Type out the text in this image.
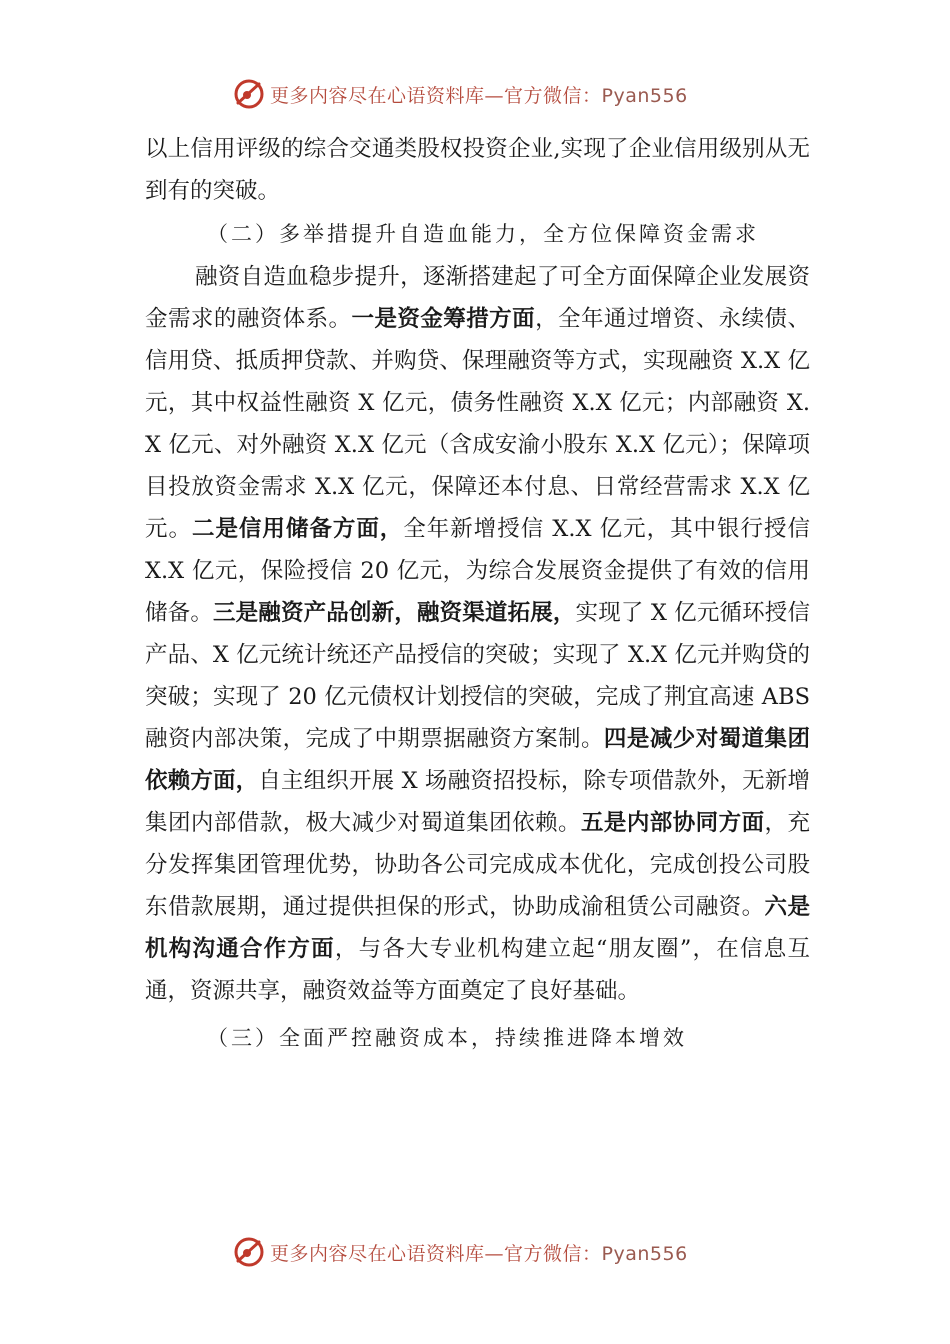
更多内容尽在心语资料库—官方微信：Pyan556

以上信用评级的综合交通类股权投资企业,实现了企业信用级别从无到有的突破。

（二）多举措提升自造血能力，全方位保障资金需求

融资自造血稳步提升，逐渐搭建起了可全方面保障企业发展资金需求的融资体系。一是资金筹措方面，全年通过增资、永续债、信用贷、抵质押贷款、并购贷、保理融资等方式，实现融资 X.X 亿元，其中权益性融资 X 亿元，债务性融资 X.X 亿元；内部融资 X.X 亿元、对外融资 X.X 亿元（含成安渝小股东 X.X 亿元）；保障项目投放资金需求 X.X 亿元，保障还本付息、日常经营需求 X.X 亿元。二是信用储备方面，全年新增授信 X.X 亿元，其中银行授信 X.X 亿元，保险授信 20 亿元，为综合发展资金提供了有效的信用储备。三是融资产品创新，融资渠道拓展，实现了 X 亿元循环授信产品、X 亿元统计统还产品授信的突破；实现了 X.X 亿元并购贷的突破；实现了 20 亿元债权计划授信的突破，完成了荆宜高速 ABS 融资内部决策，完成了中期票据融资方案制。四是减少对蜀道集团依赖方面，自主组织开展 X 场融资招投标，除专项借款外，无新增集团内部借款，极大减少对蜀道集团依赖。五是内部协同方面，充分发挥集团管理优势，协助各公司完成成本优化，完成创投公司股东借款展期，通过提供担保的形式，协助成渝租赁公司融资。六是机构沟通合作方面，与各大专业机构建立起“朋友圈”，在信息互通，资源共享，融资效益等方面奠定了良好基础。

（三）全面严控融资成本，持续推进降本增效

更多内容尽在心语资料库—官方微信：Pyan556
